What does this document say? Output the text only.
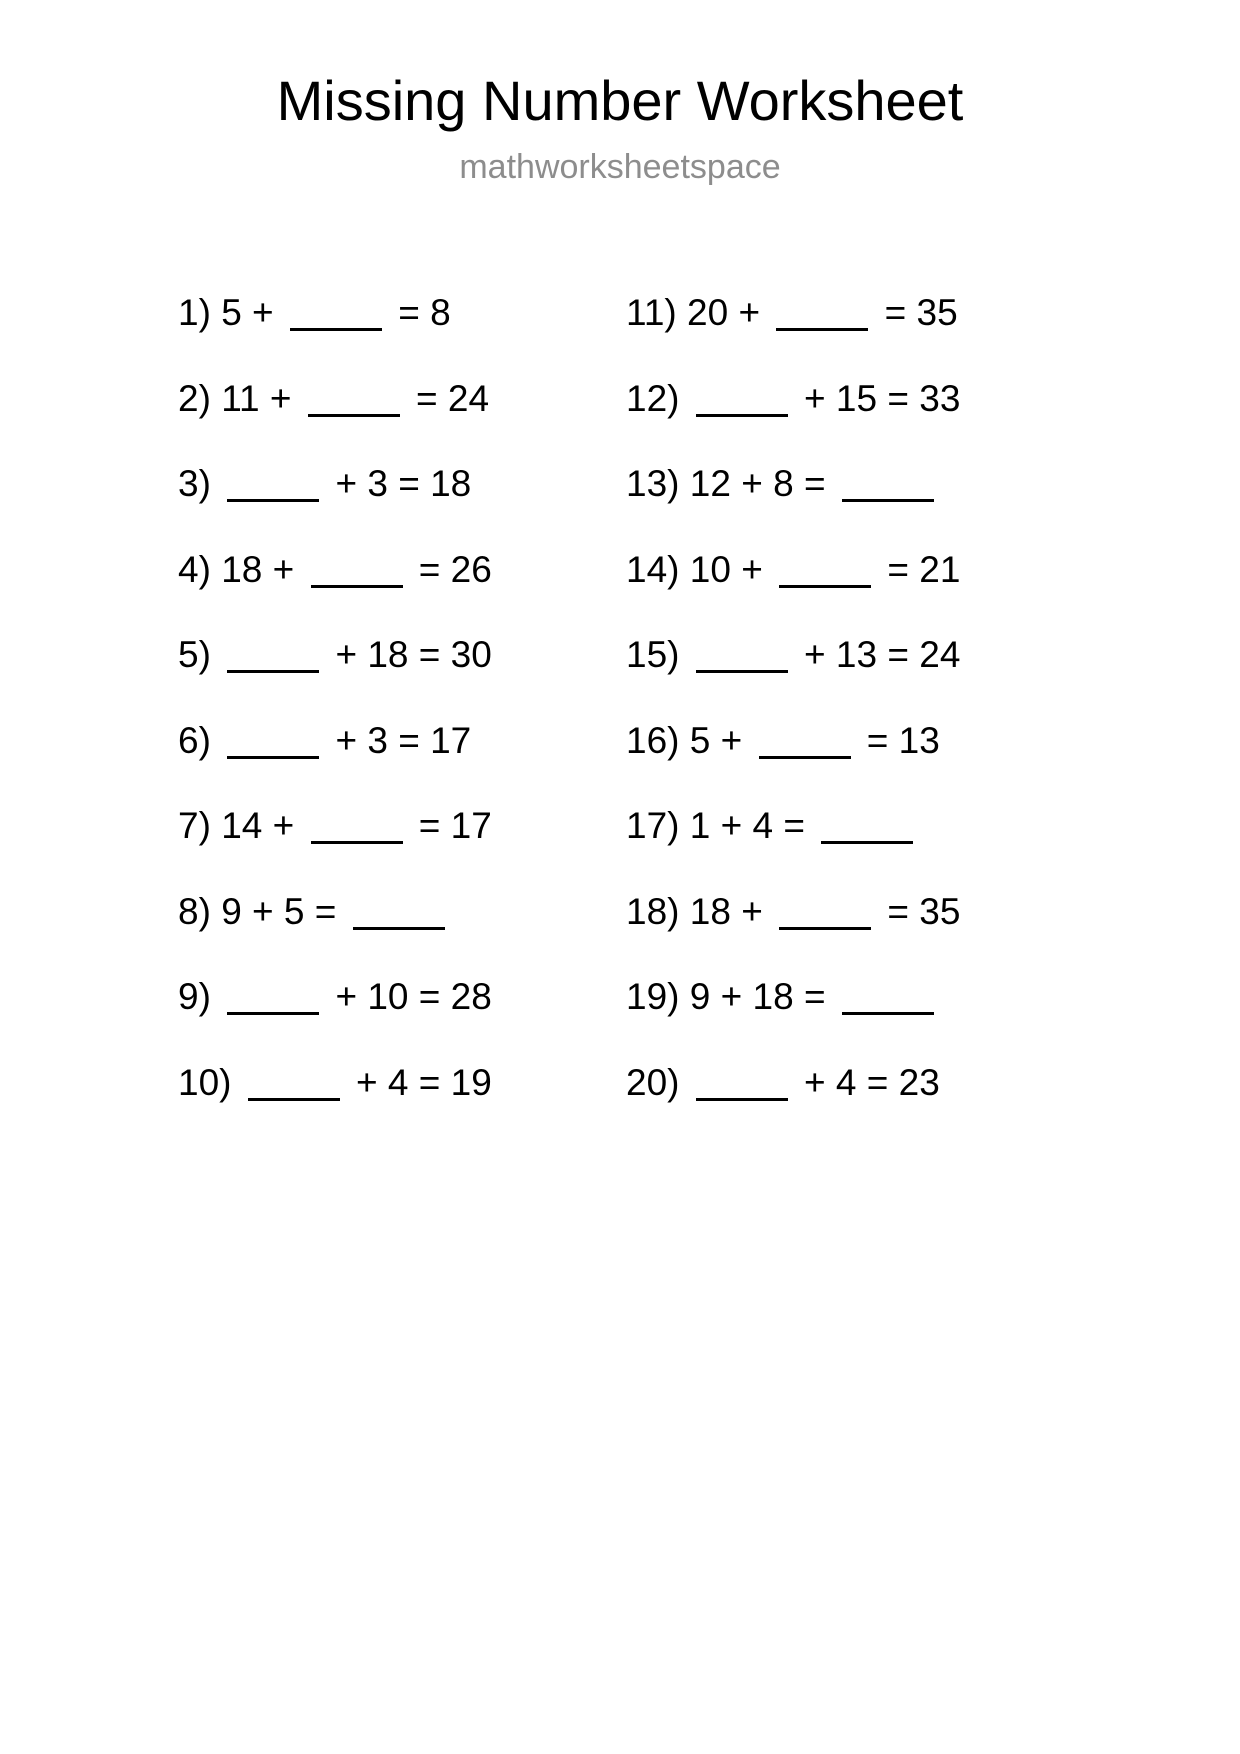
Missing Number Worksheet
mathworksheetspace
1)
5 +	= 8
2)
11 +	= 24
3)
	+ 3 = 18
4)
18 +	= 26
5)
	+ 18 = 30
6)
	+ 3 = 17
7)
14 +	= 17
8)
9 + 5 =
9)
	+ 10 = 28
10)
	+ 4 = 19
11)
20 +	= 35
12)
	+ 15 = 33
13)
12 + 8 =
14)
10 +	= 21
15)
	+ 13 = 24
16)
5 +	= 13
17)
1 + 4 =
18)
18 +	= 35
19)
9 + 18 =
20)
	+ 4 = 23
